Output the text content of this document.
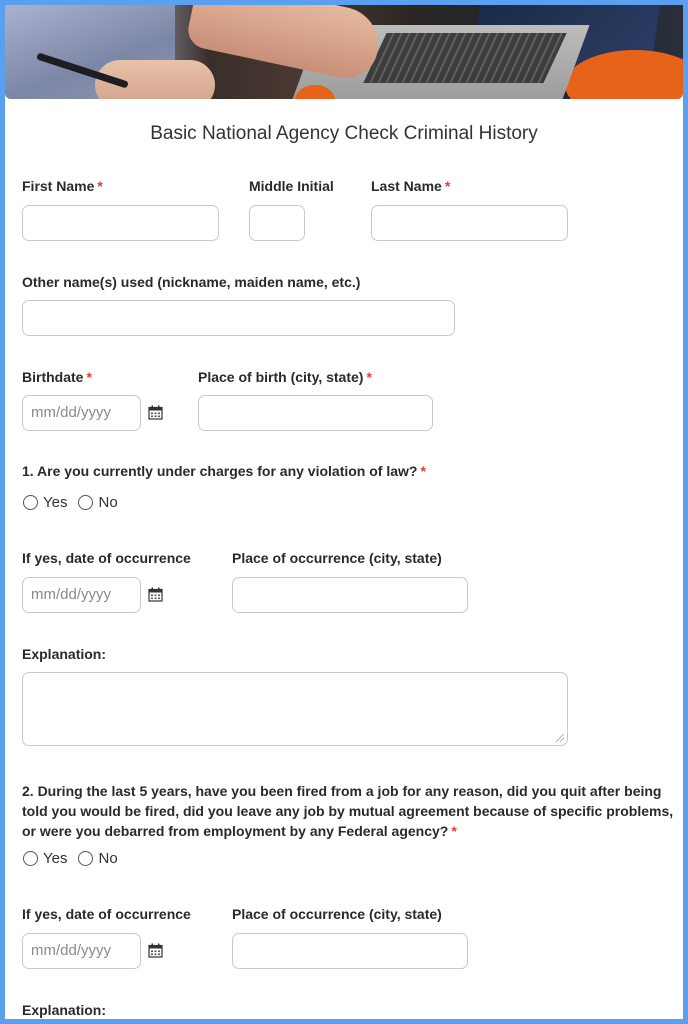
Basic National Agency Check Criminal History
First Name *	Middle Initial	Last Name *
Other name(s) used (nickname, maiden name, etc.)
Birthdate *
mm/dd/yyyy
Place of birth (city, state) *
1. Are you currently under charges for any violation of law? *
Yes No
If yes, date of occurrence
mm/dd/yyyy
Place of occurrence (city, state)
Explanation:
2. During the last 5 years, have you been fired from a job for any reason, did you quit after being told you would be fired, did you leave any job by mutual agreement because of specific problems, or were you debarred from employment by any Federal agency? *
Yes No
If yes, date of occurrence
mm/dd/yyyy
Place of occurrence (city, state)
Explanation:
